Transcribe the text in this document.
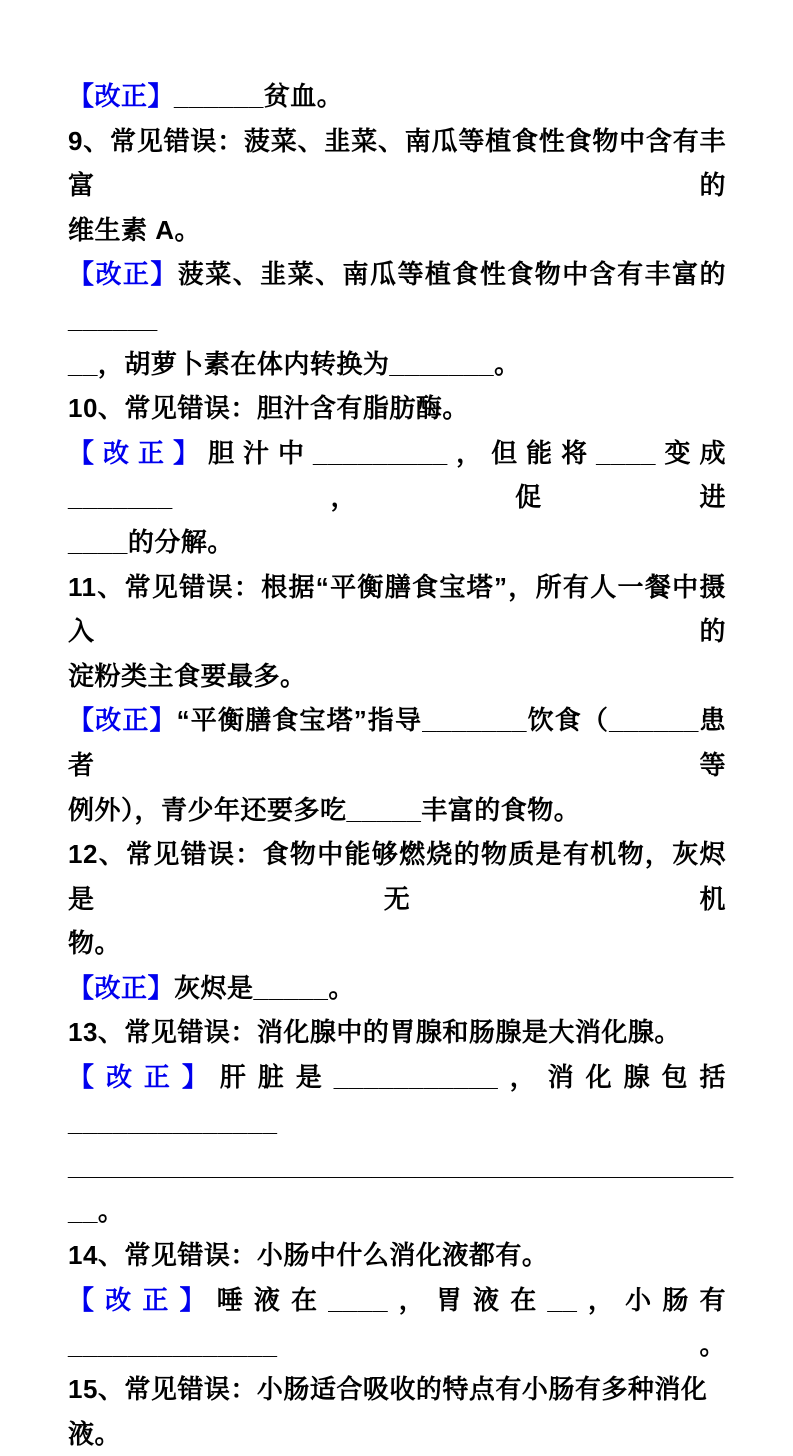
【改正】______贫血。
9、常见错误：菠菜、韭菜、南瓜等植食性食物中含有丰富的
维生素 A。
【改正】菠菜、韭菜、南瓜等植食性食物中含有丰富的______
__，胡萝卜素在体内转换为_______。
10、常见错误：胆汁含有脂肪酶。
【改正】胆汁中_________，但能将____变成_______，促进
____的分解。
11、常见错误：根据“平衡膳食宝塔”，所有人一餐中摄入的
淀粉类主食要最多。
【改正】“平衡膳食宝塔”指导_______饮食（______患者等
例外），青少年还要多吃_____丰富的食物。
12、常见错误：食物中能够燃烧的物质是有机物，灰烬是无机
物。
【改正】灰烬是_____。
13、常见错误：消化腺中的胃腺和肠腺是大消化腺。
【改正】肝脏是___________，消化腺包括______________
______________________________________________
__。
14、常见错误：小肠中什么消化液都有。
【改正】唾液在____，胃液在__，小肠有______________。
15、常见错误：小肠适合吸收的特点有小肠有多种消化液。
